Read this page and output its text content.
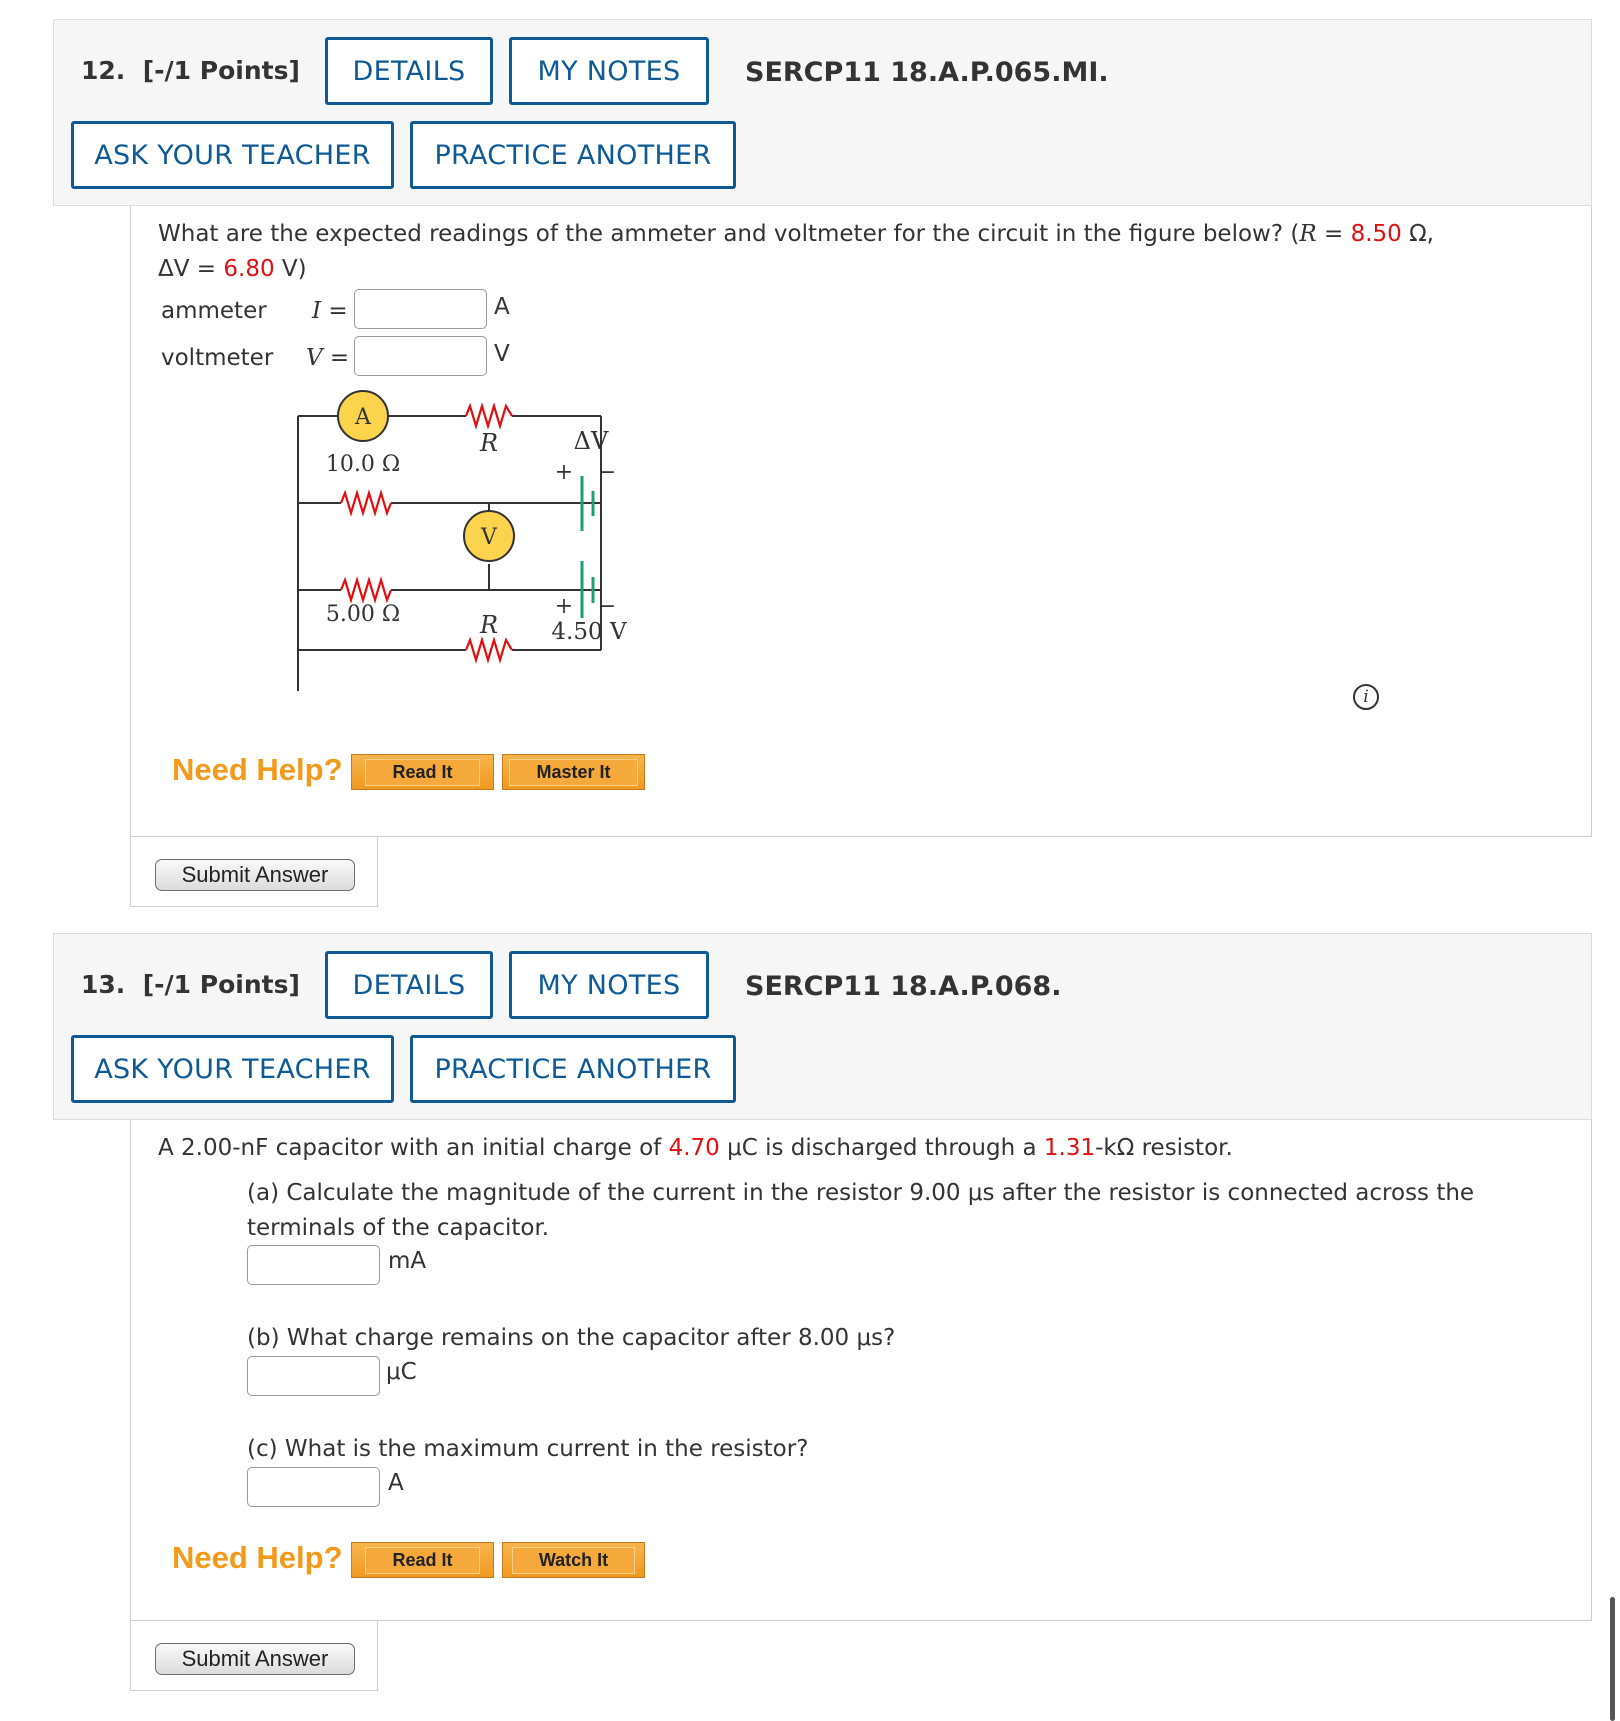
12. [-/1 Points]	DETAILS	MY NOTES	SERCP11 18.A.P.065.MI.
ASK YOUR TEACHER	PRACTICE ANOTHER
What are the expected readings of the ammeter and voltmeter for the circuit in the figure below? (R = 8.50 Ω,
ΔV = 6.80 V)
ammeter I =	A
voltmeter V =	V
A
V
R
10.0 Ω
ΔV
+ −
5.00 Ω	+ −
R 4.50 V
i
Need Help?	Read It	Master It
Submit Answer
13. [-/1 Points]	DETAILS	MY NOTES	SERCP11 18.A.P.068.
ASK YOUR TEACHER	PRACTICE ANOTHER
A 2.00-nF capacitor with an initial charge of 4.70 μC is discharged through a 1.31-kΩ resistor.
(a) Calculate the magnitude of the current in the resistor 9.00 μs after the resistor is connected across the
terminals of the capacitor.
mA
(b) What charge remains on the capacitor after 8.00 μs?
μC
(c) What is the maximum current in the resistor?
A
Need Help?	Read It	Watch It
Submit Answer
